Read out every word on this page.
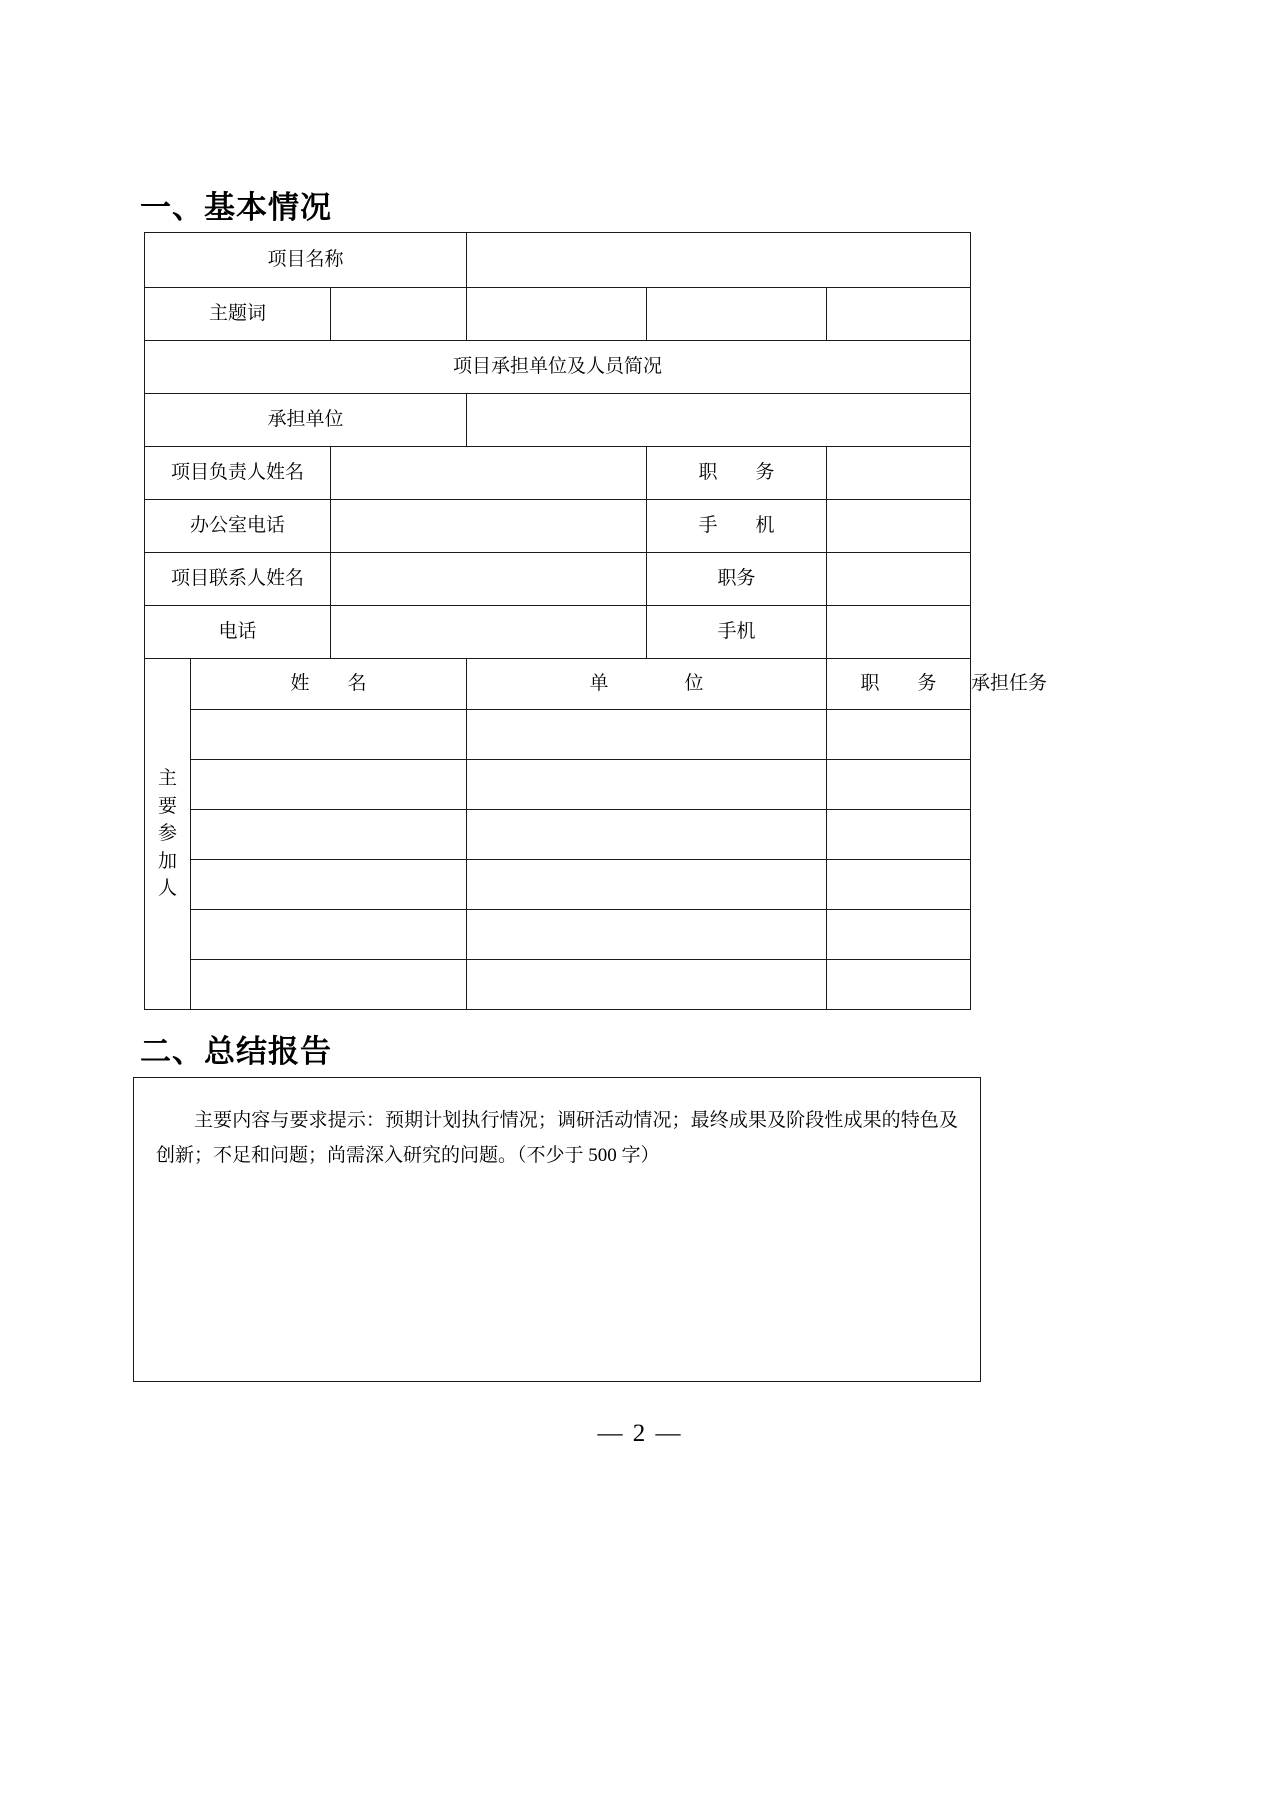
一、基本情况
项目名称						

主题词						

项目承担单位及人员简况						

承担单位						

项目负责人姓名				职　　务		

办公室电话				手　　机		

项目联系人姓名				职务		

电话				手机		

主
要
参
加
人	姓　　名		单　　　　位		职　　务	承担任务

二、总结报告
主要内容与要求提示：预期计划执行情况；调研活动情况；最终成果及阶段性成果的特色及创新；不足和问题；尚需深入研究的问题。（不少于 500 字）
— 2 —
